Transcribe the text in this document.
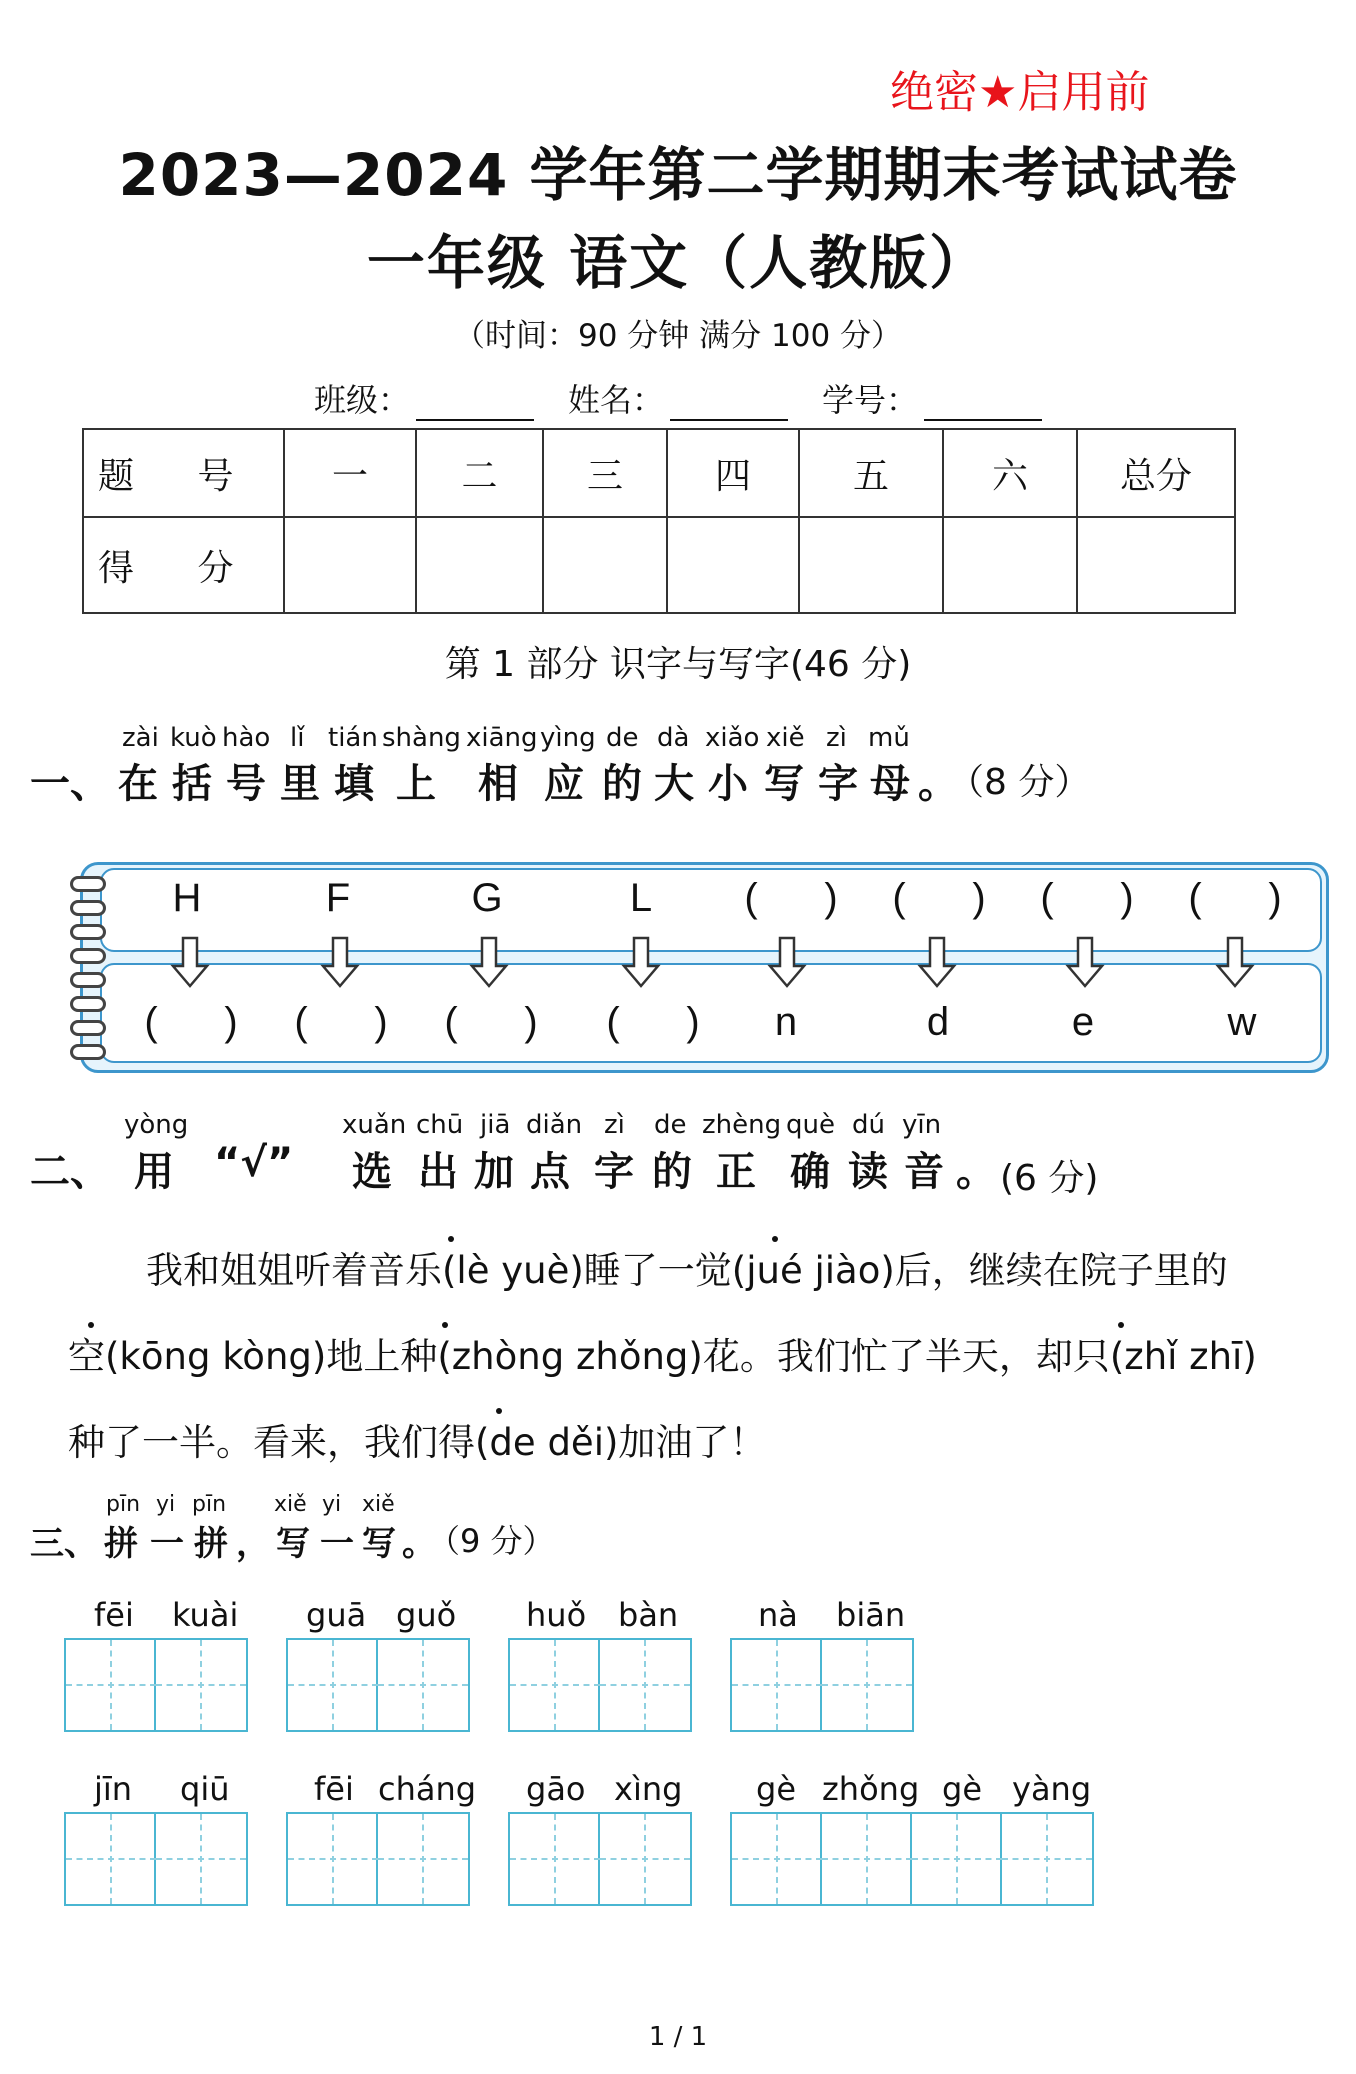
绝密★启用前
2023—2024 学年第二学期期末考试试卷
一年级 语文（人教版）
（时间：90 分钟 满分 100 分）
班级：	姓名：	学号：
题 号	一	二	三	四	五	六	总分
得 分							
第 1 部分 识字与写字(46 分)
zài kuò hào lǐ tián shàng xiāng yìng de dà xiǎo xiě zì mǔ
一、 在 括 号 里 填 上 相 应 的 大 小 写 字 母 。
（8 分）
H	F	G	L	(      )	(      )	(      )	(      )
(      )	(      )	(      )	(      )	n	d	e	w
yòng	xuǎn chū jiā diǎn zì de zhèng què dú yīn
二、 用 “√” 选 出 加 点 字 的 正 确 读 音 。 (6 分)
我和姐姐听着音乐(lè yuè)睡了一觉(jué jiào)后，继续在院子里的
空(kōng kòng)地上种(zhòng zhǒng)花。我们忙了半天，却只(zhǐ zhī)
种了一半。看来，我们得(de děi)加油了！
pīn yi pīn xiě yi xiě
三、 拼 一 拼 ， 写 一 写 。
（9 分）
fēi kuài guā guǒ huǒ bàn nà biān
jīn qiū	fēi cháng gāo xìng gè zhǒng gè yàng
1 / 1
